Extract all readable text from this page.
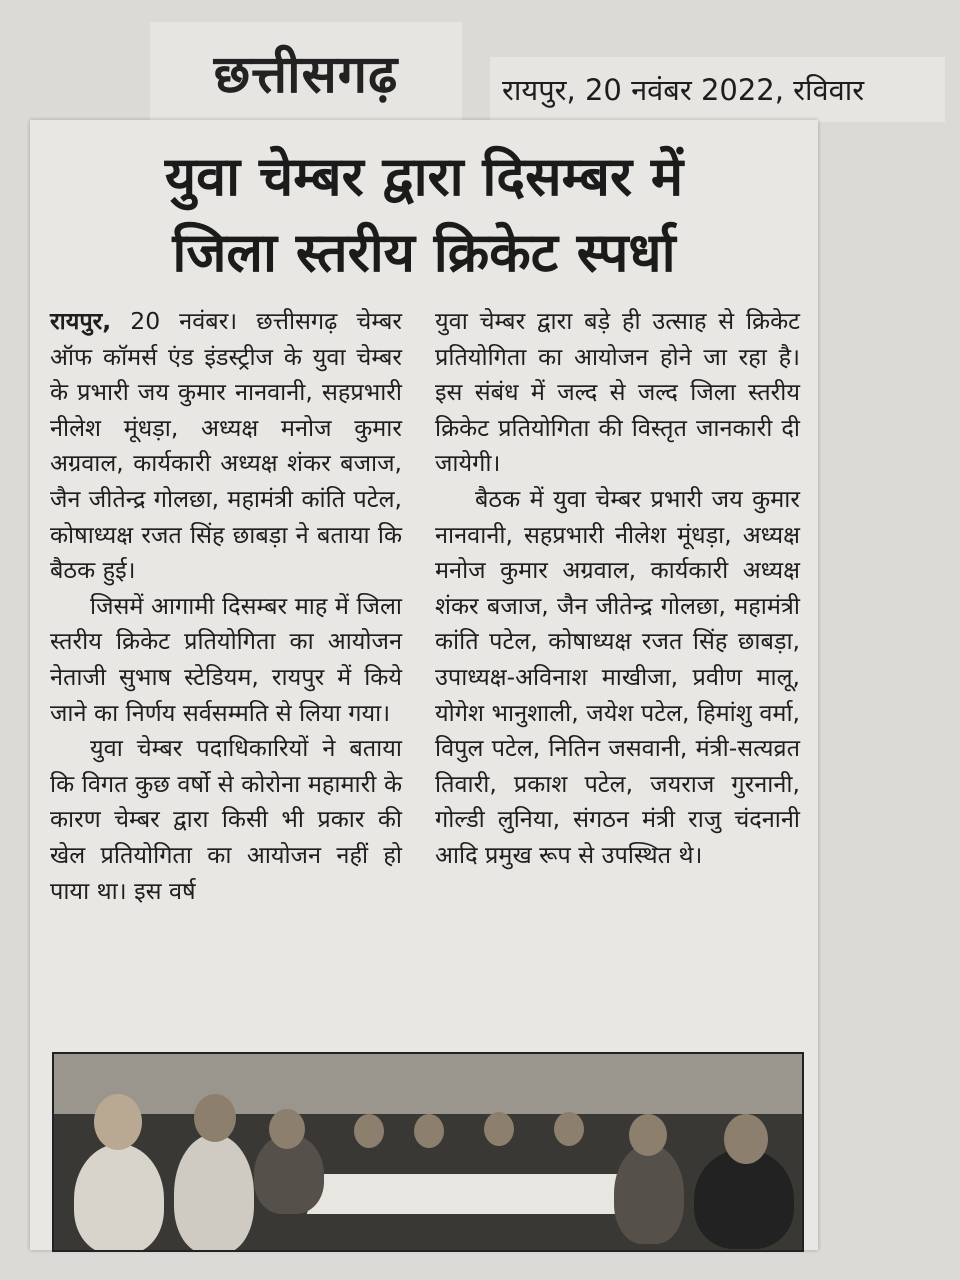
छत्तीसगढ़	रायपुर, 20 नवंबर 2022, रविवार
युवा चेम्बर द्वारा दिसम्बर में
जिला स्तरीय क्रिकेट स्पर्धा

रायपुर, 20 नवंबर। छत्तीसगढ़ चेम्बर ऑफ कॉमर्स एंड इंडस्ट्रीज के युवा चेम्बर के प्रभारी जय कुमार नानवानी, सहप्रभारी नीलेश मूंधड़ा, अध्यक्ष मनोज कुमार अग्रवाल, कार्यकारी अध्यक्ष शंकर बजाज, जैन जीतेन्द्र गोलछा, महामंत्री कांति पटेल, कोषाध्यक्ष रजत सिंह छाबड़ा ने बताया कि बैठक हुई।

जिसमें आगामी दिसम्बर माह में जिला स्तरीय क्रिकेट प्रतियोगिता का आयोजन नेताजी सुभाष स्टेडियम, रायपुर में किये जाने का निर्णय सर्वसम्मति से लिया गया।

युवा चेम्बर पदाधिकारियों ने बताया कि विगत कुछ वर्षो से कोरोना महामारी के कारण चेम्बर द्वारा किसी भी प्रकार की खेल प्रतियोगिता का आयोजन नहीं हो पाया था। इस वर्ष

युवा चेम्बर द्वारा बड़े ही उत्साह से क्रिकेट प्रतियोगिता का आयोजन होने जा रहा है। इस संबंध में जल्द से जल्द जिला स्तरीय क्रिकेट प्रतियोगिता की विस्तृत जानकारी दी जायेगी।

बैठक में युवा चेम्बर प्रभारी जय कुमार नानवानी, सहप्रभारी नीलेश मूंधड़ा, अध्यक्ष मनोज कुमार अग्रवाल, कार्यकारी अध्यक्ष शंकर बजाज, जैन जीतेन्द्र गोलछा, महामंत्री कांति पटेल, कोषाध्यक्ष रजत सिंह छाबड़ा, उपाध्यक्ष-अविनाश माखीजा, प्रवीण मालू, योगेश भानुशाली, जयेश पटेल, हिमांशु वर्मा, विपुल पटेल, नितिन जसवानी, मंत्री-सत्यव्रत तिवारी, प्रकाश पटेल, जयराज गुरनानी, गोल्डी लुनिया, संगठन मंत्री राजु चंदनानी आदि प्रमुख रूप से उपस्थित थे।
